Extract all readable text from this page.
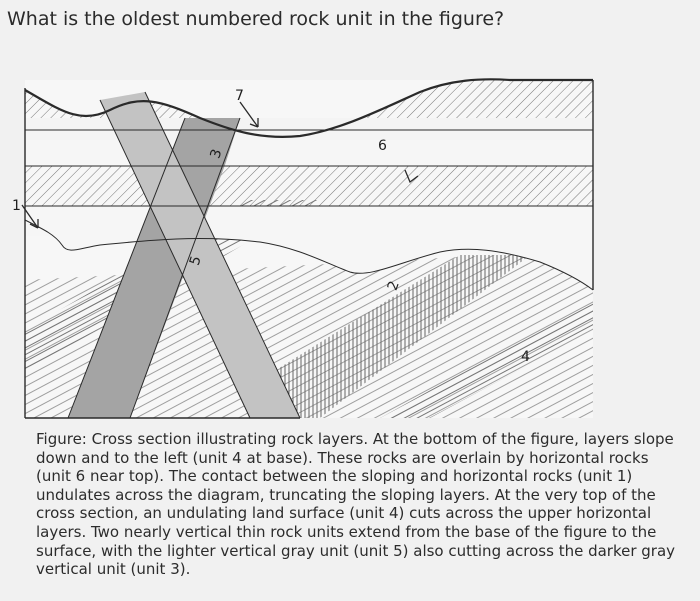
What is the oldest numbered rock unit in the figure?
7
3	6
1
5
2
4

Figure: Cross section illustrating rock layers. At the bottom of the figure, layers slope

down and to the left (unit 4 at base). These rocks are overlain by horizontal rocks

(unit 6 near top). The contact between the sloping and horizontal rocks (unit 1)

undulates across the diagram, truncating the sloping layers. At the very top of the

cross section, an undulating land surface (unit 4) cuts across the upper horizontal

layers. Two nearly vertical thin rock units extend from the base of the figure to the

surface, with the lighter vertical gray unit (unit 5) also cutting across the darker gray

vertical unit (unit 3).
